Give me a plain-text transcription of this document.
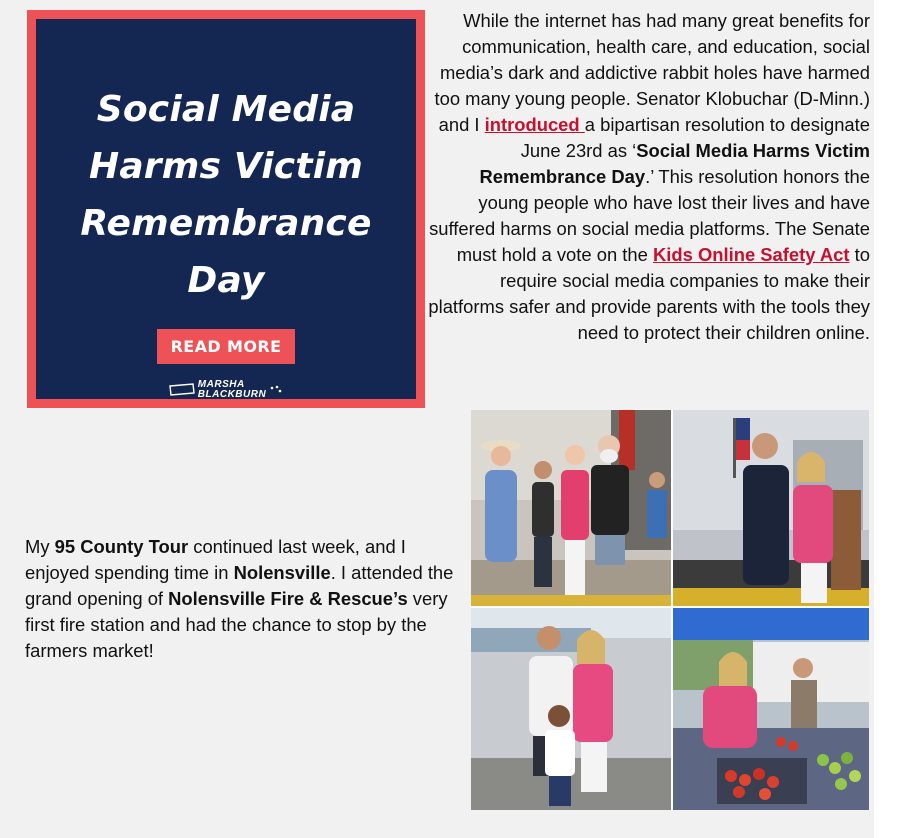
Social Media
Harms Victim
Remembrance
Day
READ MORE
MARSHA
BLACKBURN

While the internet has had many great benefits for communication, health care, and education, social media’s dark and addictive rabbit holes have harmed too many young people. Senator Klobuchar (D-Minn.) and I introduced a bipartisan resolution to designate June 23rd as ‘Social Media Harms Victim Remembrance Day.’ This resolution honors the young people who have lost their lives and have suffered harms on social media platforms. The Senate must hold a vote on the Kids Online Safety Act to require social media companies to make their platforms safer and provide parents with the tools they need to protect their children online.

My 95 County Tour continued last week, and I enjoyed spending time in Nolensville. I attended the grand opening of Nolensville Fire & Rescue’s very first fire station and had the chance to stop by the farmers market!
